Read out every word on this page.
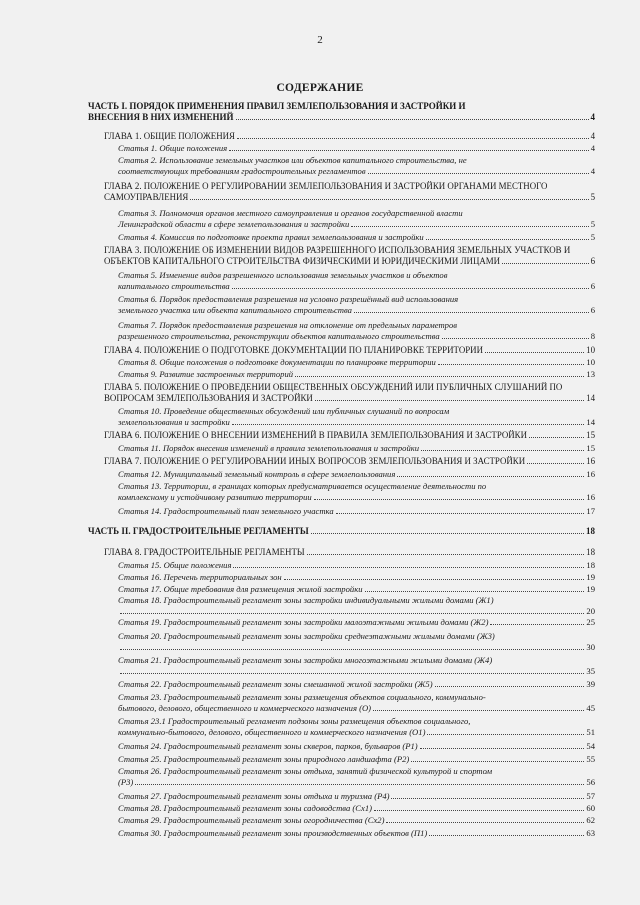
2
СОДЕРЖАНИЕ
ЧАСТЬ I. ПОРЯДОК ПРИМЕНЕНИЯ ПРАВИЛ ЗЕМЛЕПОЛЬЗОВАНИЯ И ЗАСТРОЙКИ И
ВНЕСЕНИЯ В НИХ ИЗМЕНЕНИЙ	4
ГЛАВА 1. ОБЩИЕ ПОЛОЖЕНИЯ	4
Статья 1. Общие положения	4
Статья 2. Использование земельных участков или объектов капитального строительства, не
соответствующих требованиям градостроительных регламентов	4
ГЛАВА 2. ПОЛОЖЕНИЕ О РЕГУЛИРОВАНИИ ЗЕМЛЕПОЛЬЗОВАНИЯ И ЗАСТРОЙКИ ОРГАНАМИ МЕСТНОГО
САМОУПРАВЛЕНИЯ	5
Статья 3. Полномочия органов местного самоуправления и органов государственной власти
Ленинградской области в сфере землепользования и застройки	5
Статья 4. Комиссия по подготовке проекта правил землепользования и застройки	5
ГЛАВА 3. ПОЛОЖЕНИЕ ОБ ИЗМЕНЕНИИ ВИДОВ РАЗРЕШЕННОГО ИСПОЛЬЗОВАНИЯ ЗЕМЕЛЬНЫХ УЧАСТКОВ И
ОБЪЕКТОВ КАПИТАЛЬНОГО СТРОИТЕЛЬСТВА ФИЗИЧЕСКИМИ И ЮРИДИЧЕСКИМИ ЛИЦАМИ	6
Статья 5. Изменение видов разрешенного использования земельных участков и объектов
капитального строительства	6
Статья 6. Порядок предоставления разрешения на условно разрешённый вид использования
земельного участка или объекта капитального строительства	6
Статья 7. Порядок предоставления разрешения на отклонение от предельных параметров
разрешенного строительства, реконструкции объектов капитального строительства	8
ГЛАВА 4. ПОЛОЖЕНИЕ О ПОДГОТОВКЕ ДОКУМЕНТАЦИИ ПО ПЛАНИРОВКЕ ТЕРРИТОРИИ	10
Статья 8. Общие положения о подготовке документации по планировке территории	10
Статья 9. Развитие застроенных территорий	13
ГЛАВА 5. ПОЛОЖЕНИЕ О ПРОВЕДЕНИИ ОБЩЕСТВЕННЫХ ОБСУЖДЕНИЙ ИЛИ ПУБЛИЧНЫХ СЛУШАНИЙ ПО
ВОПРОСАМ ЗЕМЛЕПОЛЬЗОВАНИЯ И ЗАСТРОЙКИ	14
Статья 10. Проведение общественных обсуждений или публичных слушаний по вопросам
землепользования и застройки	14
ГЛАВА 6. ПОЛОЖЕНИЕ О ВНЕСЕНИИ ИЗМЕНЕНИЙ В ПРАВИЛА ЗЕМЛЕПОЛЬЗОВАНИЯ И ЗАСТРОЙКИ	15
Статья 11. Порядок внесения изменений в правила землепользования и застройки	15
ГЛАВА 7. ПОЛОЖЕНИЕ О РЕГУЛИРОВАНИИ ИНЫХ ВОПРОСОВ ЗЕМЛЕПОЛЬЗОВАНИЯ И ЗАСТРОЙКИ	16
Статья 12. Муниципальный земельный контроль в сфере землепользования	16
Статья 13. Территории, в границах которых предусматривается осуществление деятельности по
комплексному и устойчивому развитию территории	16
Статья 14. Градостроительный план земельного участка	17
ЧАСТЬ II. ГРАДОСТРОИТЕЛЬНЫЕ РЕГЛАМЕНТЫ	18
ГЛАВА 8. ГРАДОСТРОИТЕЛЬНЫЕ РЕГЛАМЕНТЫ	18
Статья 15. Общие положения	18
Статья 16. Перечень территориальных зон	19
Статья 17. Общие требования для размещения жилой застройки	19
Статья 18. Градостроительный регламент зоны застройки индивидуальными жилыми домами (Ж1)
20
Статья 19. Градостроительный регламент зоны застройки малоэтажными жилыми домами (Ж2)	25
Статья 20. Градостроительный регламент зоны застройки среднеэтажными жилыми домами (Ж3)
30
Статья 21. Градостроительный регламент зоны застройки многоэтажными жилыми домами (Ж4)
35
Статья 22. Градостроительный регламент зоны смешанной жилой застройки (Ж5)	39
Статья 23. Градостроительный регламент зоны размещения объектов социального, коммунально-
бытового, делового, общественного и коммерческого назначения (О)	45
Статья 23.1 Градостроительный регламент подзоны зоны размещения объектов социального,
коммунально-бытового, делового, общественного и коммерческого назначения (О1)	51
Статья 24. Градостроительный регламент зоны скверов, парков, бульваров (Р1)	54
Статья 25. Градостроительный регламент зоны природного ландшафта (Р2)	55
Статья 26. Градостроительный регламент зоны отдыха, занятий физической культурой и спортом
(Р3)	56
Статья 27. Градостроительный регламент зоны отдыха и туризма (Р4)	57
Статья 28. Градостроительный регламент зоны садоводства (Сх1)	60
Статья 29. Градостроительный регламент зоны огородничества (Сх2)	62
Статья 30. Градостроительный регламент зоны производственных объектов (П1)	63
